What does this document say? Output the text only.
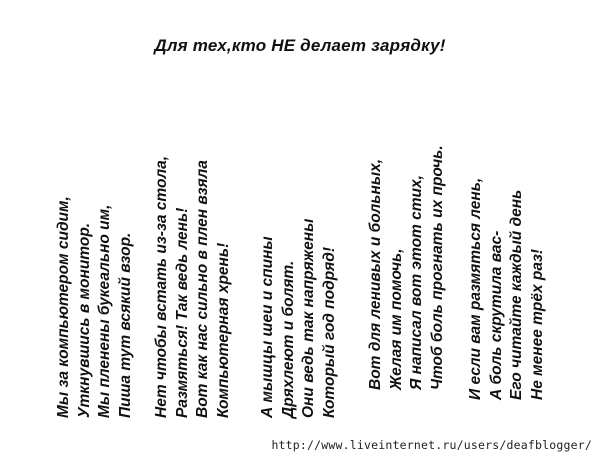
Для тех,кто НЕ делает зарядку!
Мы за компьютером сидим, Уткнувшись в монитор. Мы пленены букеально им, Пиша тут всякий взор. Нет чтобы встать из-за стола, Размяться! Так ведь лень! Вот как нас сильно в плен взяла Компьютерная хрень! А мышцы шеи и спины Дряхлеют и болят. Они ведь так напряжены Который год подряд! Вот для ленивых и больных, Желая им помочь, Я написал вот этот стих, Чтоб боль прогнать их прочь. И если вам размяться лень, А боль скрутила вас- Его читайте каждый день Не менее трёх раз!
http://www.liveinternet.ru/users/deafblogger/
